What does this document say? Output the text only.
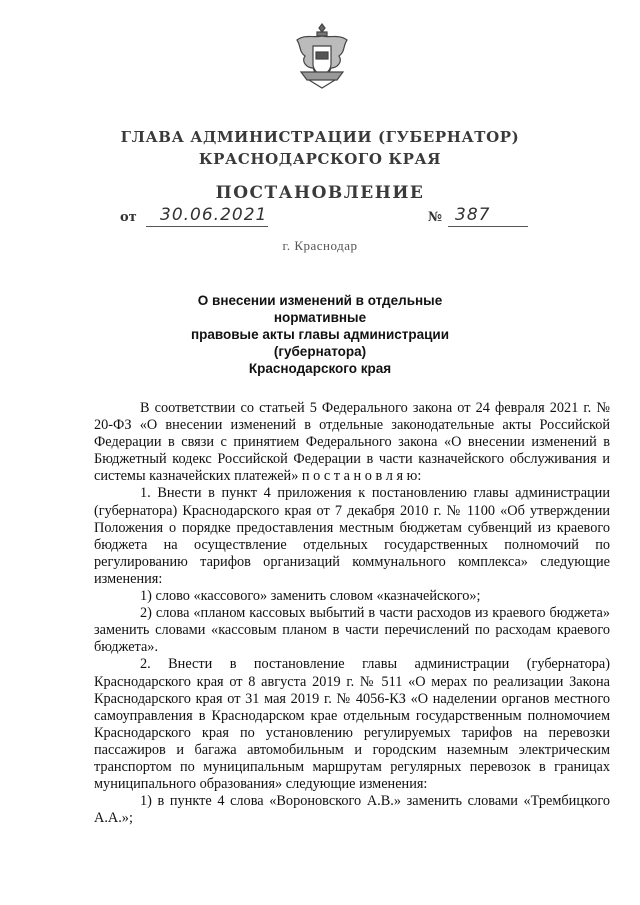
ГЛАВА АДМИНИСТРАЦИИ (ГУБЕРНАТОР)
КРАСНОДАРСКОГО КРАЯ
ПОСТАНОВЛЕНИЕ
от 30.06.2021	№ 387
г. Краснодар
О внесении изменений в отдельные нормативные
правовые акты главы администрации (губернатора)
Краснодарского края

В соответствии со статьей 5 Федерального закона от 24 февраля 2021 г. № 20-ФЗ «О внесении изменений в отдельные законодательные акты Российской Федерации в связи с принятием Федерального закона «О внесении изменений в Бюджетный кодекс Российской Федерации в части казначейского обслуживания и системы казначейских платежей» п о с т а н о в л я ю:

1. Внести в пункт 4 приложения к постановлению главы администрации (губернатора) Краснодарского края от 7 декабря 2010 г. № 1100 «Об утверждении Положения о порядке предоставления местным бюджетам субвенций из краевого бюджета на осуществление отдельных государственных полномочий по регулированию тарифов организаций коммунального комплекса» следующие изменения:

1) слово «кассового» заменить словом «казначейского»;

2) слова «планом кассовых выбытий в части расходов из краевого бюджета» заменить словами «кассовым планом в части перечислений по расходам краевого бюджета».

2. Внести в постановление главы администрации (губернатора) Краснодарского края от 8 августа 2019 г. № 511 «О мерах по реализации Закона Краснодарского края от 31 мая 2019 г. № 4056-КЗ «О наделении органов местного самоуправления в Краснодарском крае отдельным государственным полномочием Краснодарского края по установлению регулируемых тарифов на перевозки пассажиров и багажа автомобильным и городским наземным электрическим транспортом по муниципальным маршрутам регулярных перевозок в границах муниципального образования» следующие изменения:

1) в пункте 4 слова «Вороновского А.В.» заменить словами «Трембицкого А.А.»;
